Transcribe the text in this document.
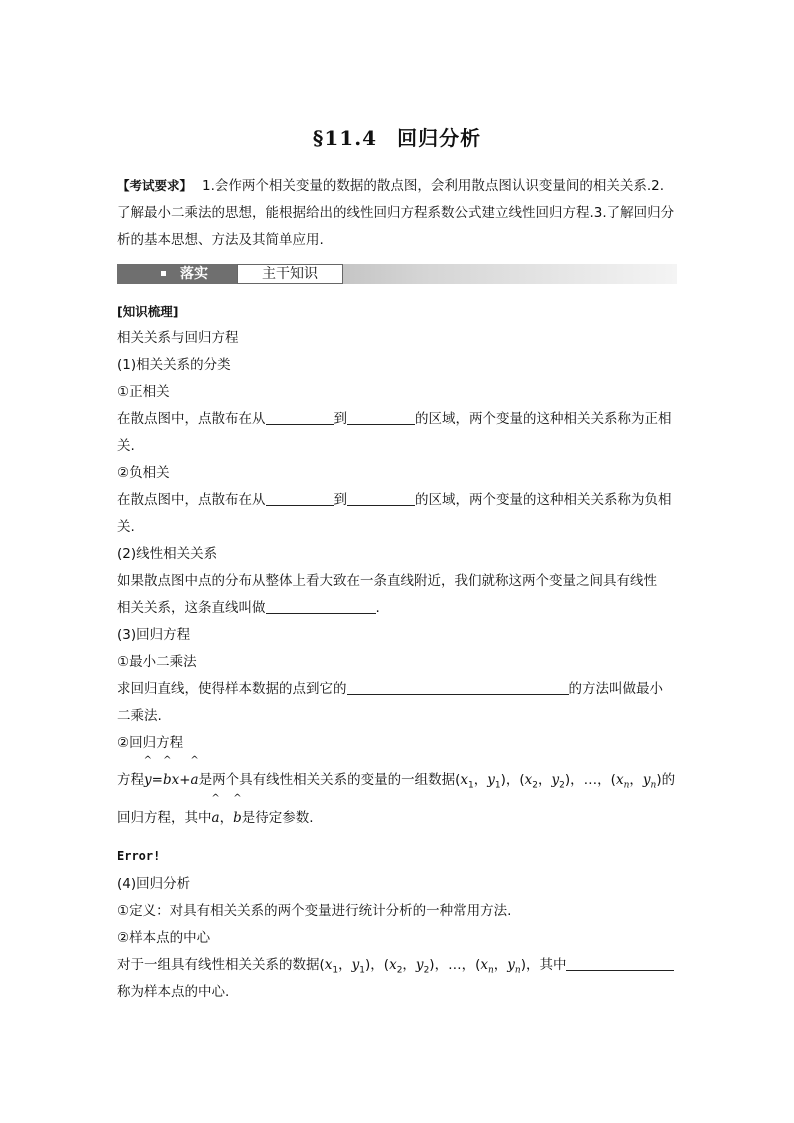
§11.4 回归分析
【考试要求】 1.会作两个相关变量的数据的散点图，会利用散点图认识变量间的相关关系.2.了解最小二乘法的思想，能根据给出的线性回归方程系数公式建立线性回归方程.3.了解回归分析的基本思想、方法及其简单应用.
落实	主干知识
[知识梳理]
相关关系与回归方程
(1)相关关系的分类
①正相关
在散点图中，点散布在从	到	的区域，两个变量的这种相关关系称为正相
关.
②负相关
在散点图中，点散布在从	到	的区域，两个变量的这种相关关系称为负相
关.
(2)线性相关关系
如果散点图中点的分布从整体上看大致在一条直线附近，我们就称这两个变量之间具有线性
相关关系，这条直线叫做	.
(3)回归方程
①最小二乘法
求回归直线，使得样本数据的点到它的	的方法叫做最小
二乘法.
②回归方程
方程^ y=^ bx+^ a是两个具有线性相关关系的变量的一组数据($x_1$，$y_1$)，($x_2$，$y_2$)，…，($x_n$，$y_n$)的
回归方程，其中^ a，^ b是待定参数.
Error!
(4)回归分析
①定义：对具有相关关系的两个变量进行统计分析的一种常用方法.
②样本点的中心
对于一组具有线性相关关系的数据($x_1$，$y_1$)，($x_2$，$y_2$)，…，($x_n$，$y_n$)，其中
称为样本点的中心.
